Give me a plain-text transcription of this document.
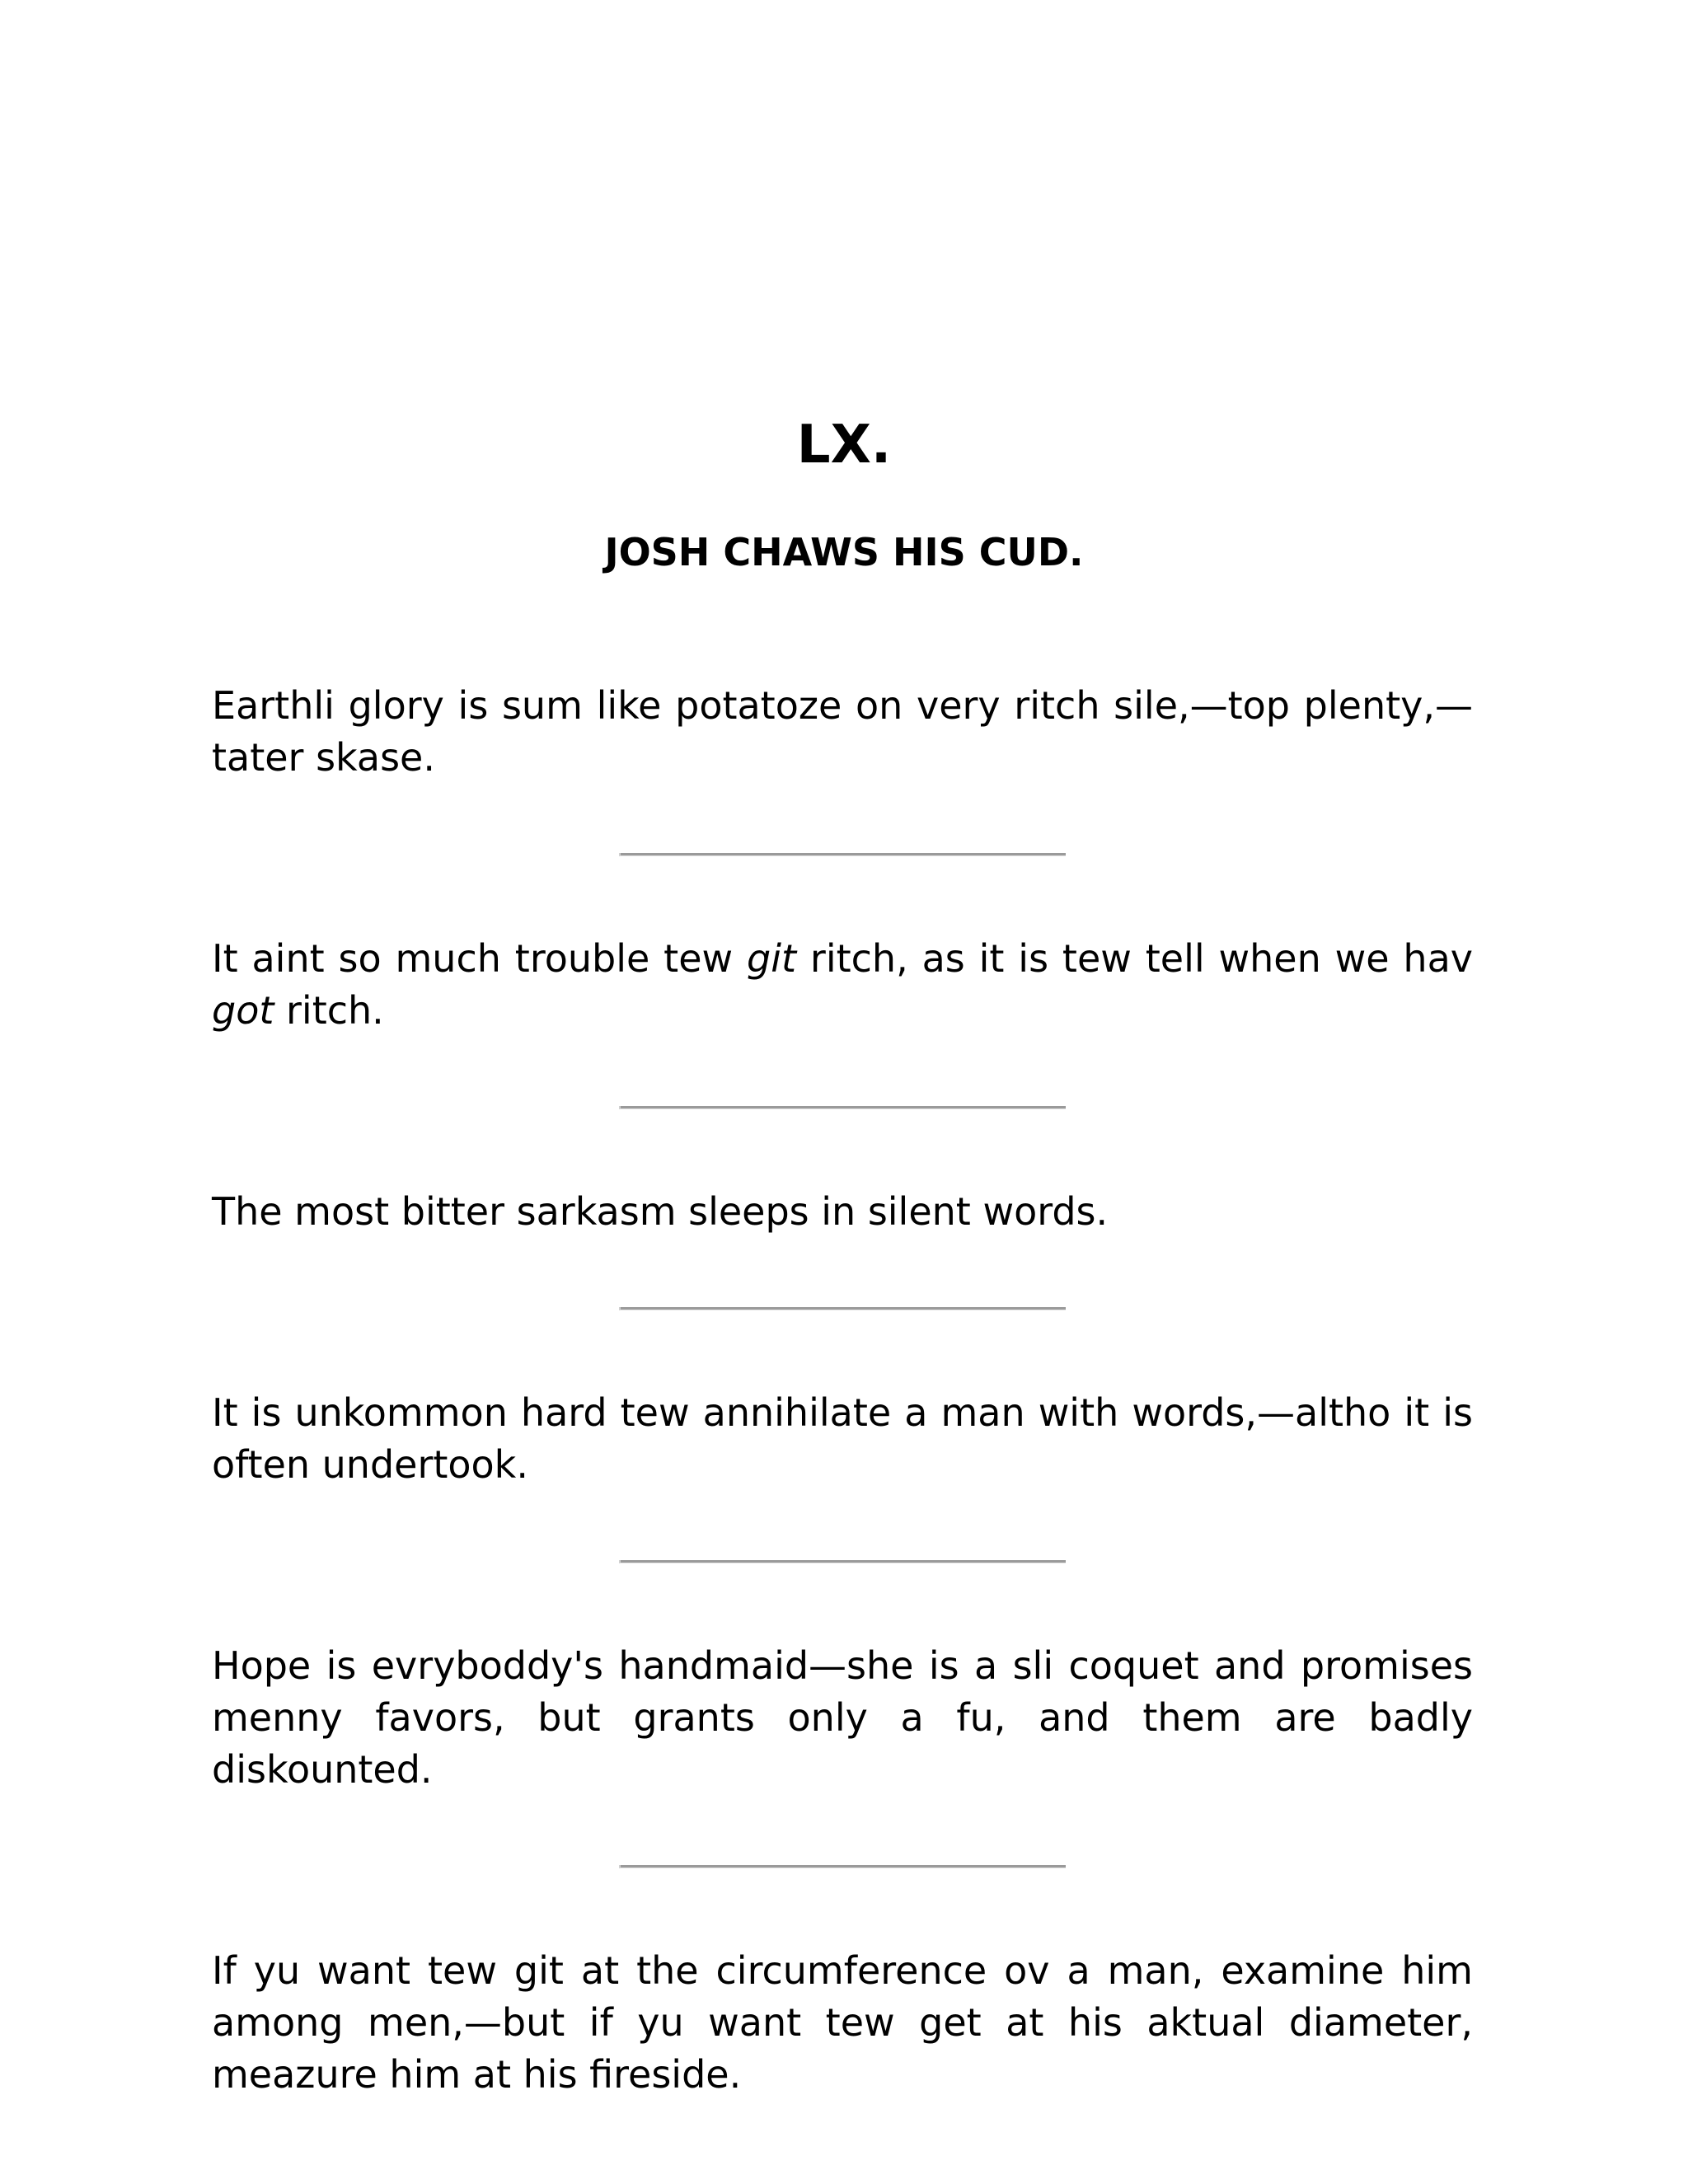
LX.
JOSH CHAWS HIS CUD.

Earthli glory is sum like potatoze on very ritch sile,—top plenty,—tater skase.

It aint so much trouble tew git ritch, as it is tew tell when we hav got ritch.

The most bitter sarkasm sleeps in silent words.

It is unkommon hard tew annihilate a man with words,—altho it is often undertook.

Hope is evryboddy's handmaid—she is a sli coquet and promises menny favors, but grants only a fu, and them are badly diskounted.

If yu want tew git at the circumference ov a man, examine him among men,—but if yu want tew get at his aktual diameter, meazure him at his fireside.
